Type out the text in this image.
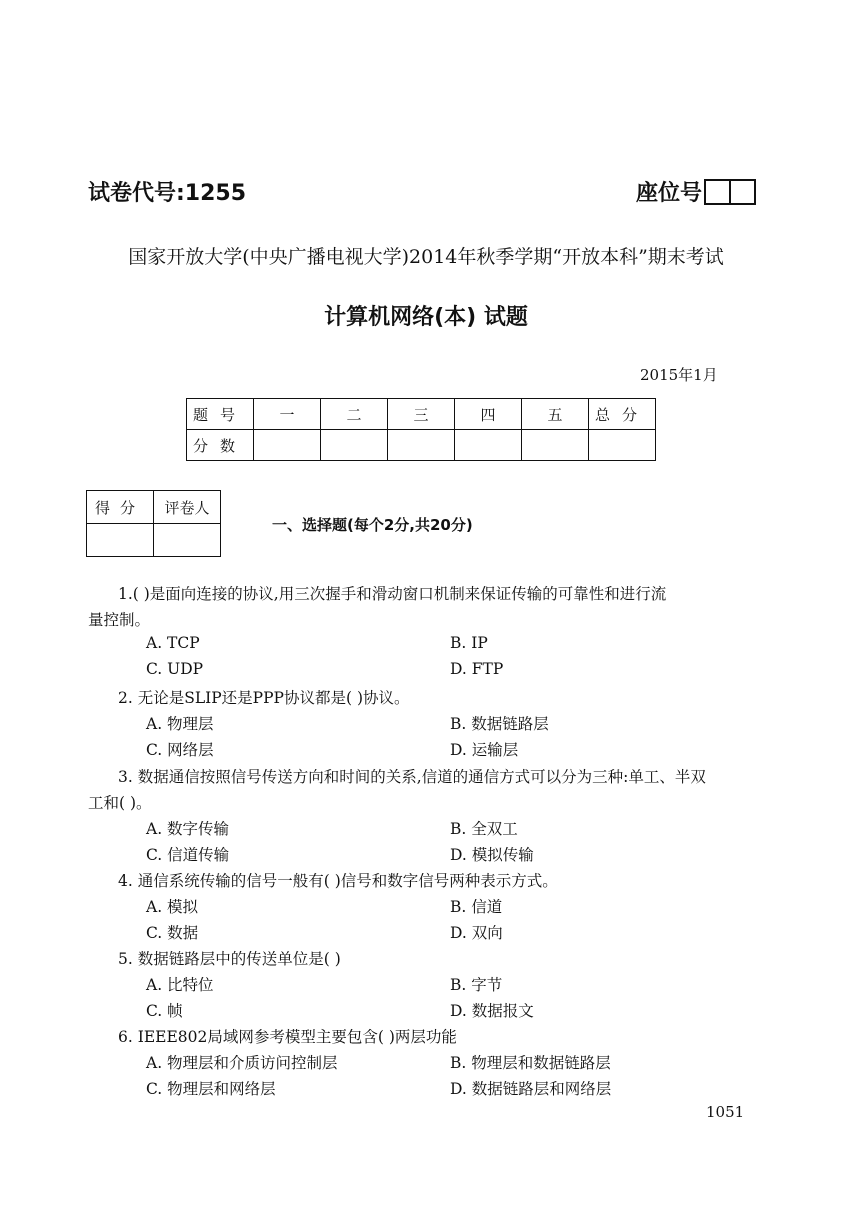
试卷代号:1255	座位号
国家开放大学(中央广播电视大学)2014年秋季学期“开放本科”期末考试
计算机网络(本) 试题
2015年1月
题号	一	二	三	四	五	总分
分数						
得分	评卷人

一、选择题(每个2分,共20分)
1.( )是面向连接的协议,用三次握手和滑动窗口机制来保证传输的可靠性和进行流
量控制。
A. TCP	B. IP
C. UDP	D. FTP
2. 无论是SLIP还是PPP协议都是( )协议。
A. 物理层	B. 数据链路层
C. 网络层	D. 运输层
3. 数据通信按照信号传送方向和时间的关系,信道的通信方式可以分为三种:单工、半双
工和( )。
A. 数字传输	B. 全双工
C. 信道传输	D. 模拟传输
4. 通信系统传输的信号一般有( )信号和数字信号两种表示方式。
A. 模拟	B. 信道
C. 数据	D. 双向
5. 数据链路层中的传送单位是( )
A. 比特位	B. 字节
C. 帧	D. 数据报文
6. IEEE802局域网参考模型主要包含( )两层功能
A. 物理层和介质访问控制层	B. 物理层和数据链路层
C. 物理层和网络层	D. 数据链路层和网络层
1051
